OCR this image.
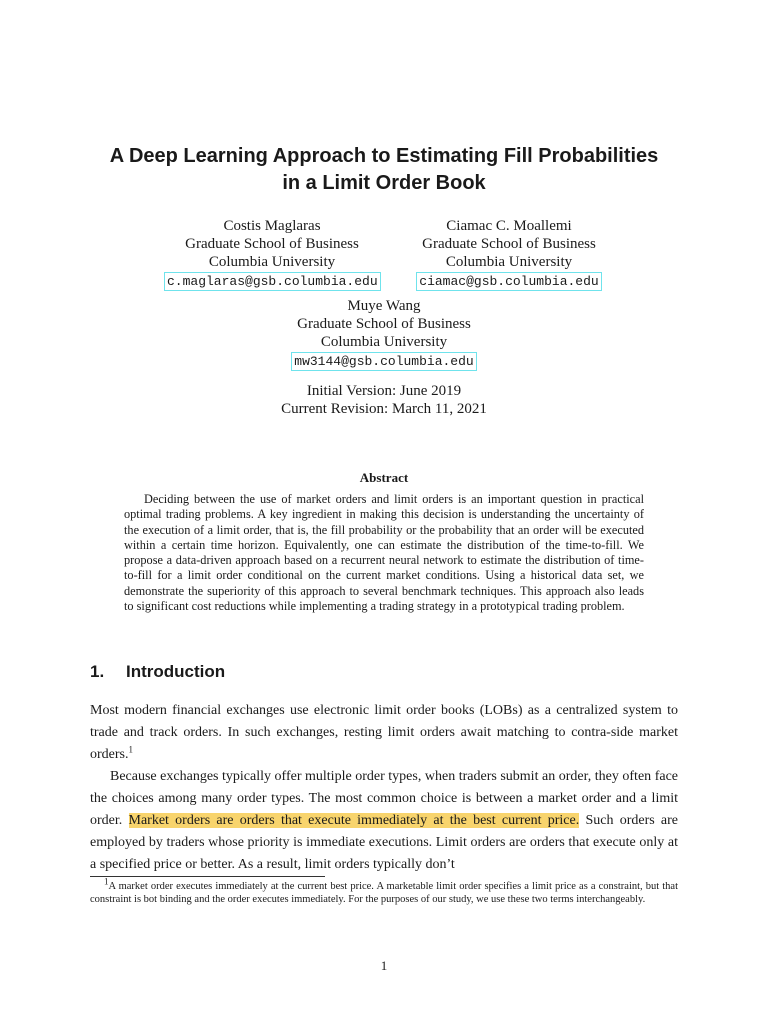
A Deep Learning Approach to Estimating Fill Probabilities
in a Limit Order Book
Costis Maglaras
Graduate School of Business
Columbia University
c.maglaras@gsb.columbia.edu
Ciamac C. Moallemi
Graduate School of Business
Columbia University
ciamac@gsb.columbia.edu
Muye Wang
Graduate School of Business
Columbia University
mw3144@gsb.columbia.edu
Initial Version: June 2019
Current Revision: March 11, 2021
Abstract

Deciding between the use of market orders and limit orders is an important question in practical optimal trading problems. A key ingredient in making this decision is understanding the uncertainty of the execution of a limit order, that is, the fill probability or the probability that an order will be executed within a certain time horizon. Equivalently, one can estimate the distribution of the time-to-fill. We propose a data-driven approach based on a recurrent neural network to estimate the distribution of time-to-fill for a limit order conditional on the current market conditions. Using a historical data set, we demonstrate the superiority of this approach to several benchmark techniques. This approach also leads to significant cost reductions while implementing a trading strategy in a prototypical trading problem.

1. Introduction

Most modern financial exchanges use electronic limit order books (LOBs) as a centralized system to trade and track orders. In such exchanges, resting limit orders await matching to contra-side market orders.$^1$

Because exchanges typically offer multiple order types, when traders submit an order, they often face the choices among many order types. The most common choice is between a market order and a limit order. Market orders are orders that execute immediately at the best current price. Such orders are employed by traders whose priority is immediate executions. Limit orders are orders that execute only at a specified price or better. As a result, limit orders typically don’t

$^1$A market order executes immediately at the current best price. A marketable limit order specifies a limit price as a constraint, but that constraint is bot binding and the order executes immediately. For the purposes of our study, we use these two terms interchangeably.

1
